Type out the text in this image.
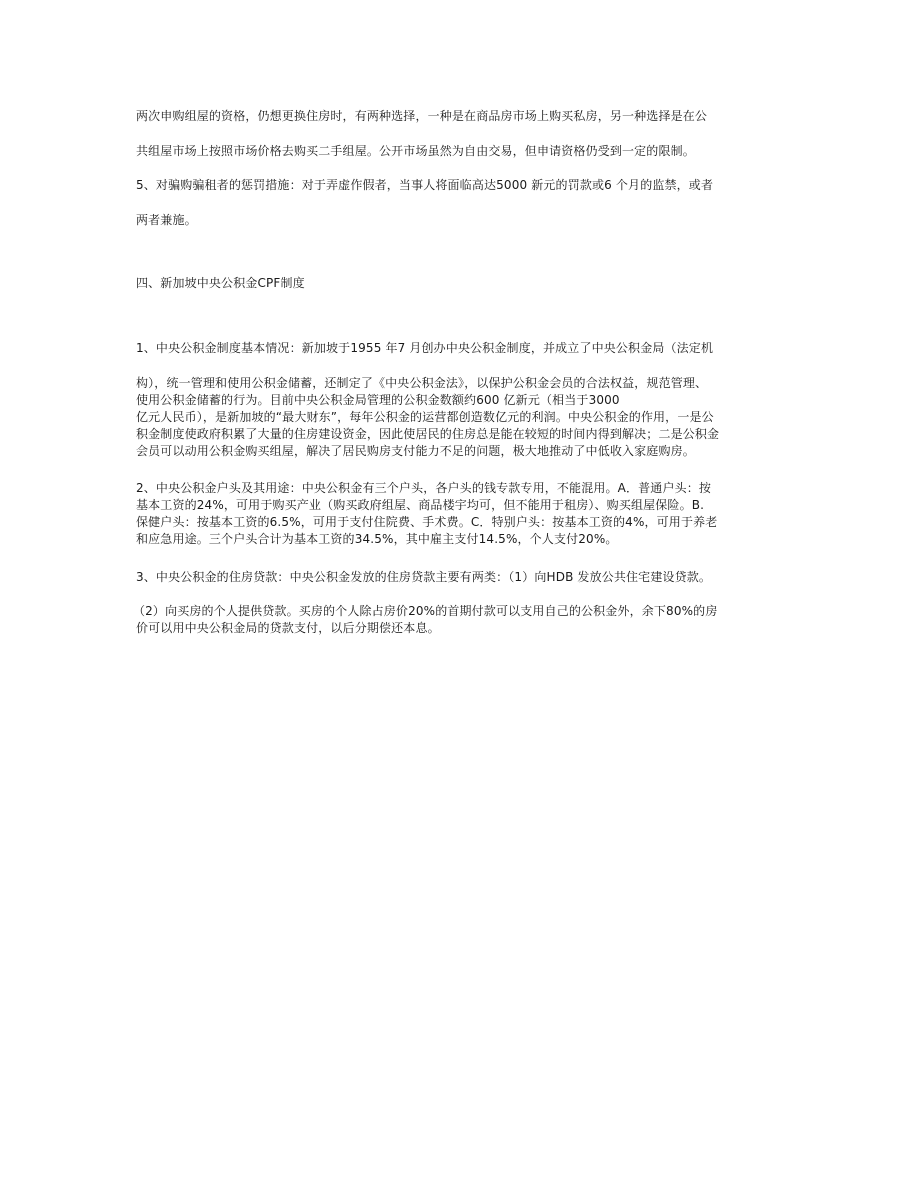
两次申购组屋的资格，仍想更换住房时，有两种选择，一种是在商品房市场上购买私房，另一种选择是在公
共组屋市场上按照市场价格去购买二手组屋。公开市场虽然为自由交易，但申请资格仍受到一定的限制。
5、对骗购骗租者的惩罚措施：对于弄虚作假者，当事人将面临高达5000 新元的罚款或6 个月的监禁，或者
两者兼施。
四、新加坡中央公积金CPF制度
1、中央公积金制度基本情况：新加坡于1955 年7 月创办中央公积金制度，并成立了中央公积金局（法定机
构），统一管理和使用公积金储蓄，还制定了《中央公积金法》，以保护公积金会员的合法权益，规范管理、
使用公积金储蓄的行为。目前中央公积金局管理的公积金数额约600 亿新元（相当于3000
亿元人民币），是新加坡的“最大财东”，每年公积金的运营都创造数亿元的利润。中央公积金的作用，一是公
积金制度使政府积累了大量的住房建设资金，因此使居民的住房总是能在较短的时间内得到解决；二是公积金
会员可以动用公积金购买组屋，解决了居民购房支付能力不足的问题，极大地推动了中低收入家庭购房。
2、中央公积金户头及其用途：中央公积金有三个户头，各户头的钱专款专用，不能混用。A．普通户头：按
基本工资的24%，可用于购买产业（购买政府组屋、商品楼宇均可，但不能用于租房）、购买组屋保险。B.
保健户头：按基本工资的6.5%，可用于支付住院费、手术费。C．特别户头：按基本工资的4%，可用于养老
和应急用途。三个户头合计为基本工资的34.5%，其中雇主支付14.5%，个人支付20%。
3、中央公积金的住房贷款：中央公积金发放的住房贷款主要有两类：（1）向HDB 发放公共住宅建设贷款。
（2）向买房的个人提供贷款。买房的个人除占房价20%的首期付款可以支用自己的公积金外，余下80%的房
价可以用中央公积金局的贷款支付，以后分期偿还本息。
